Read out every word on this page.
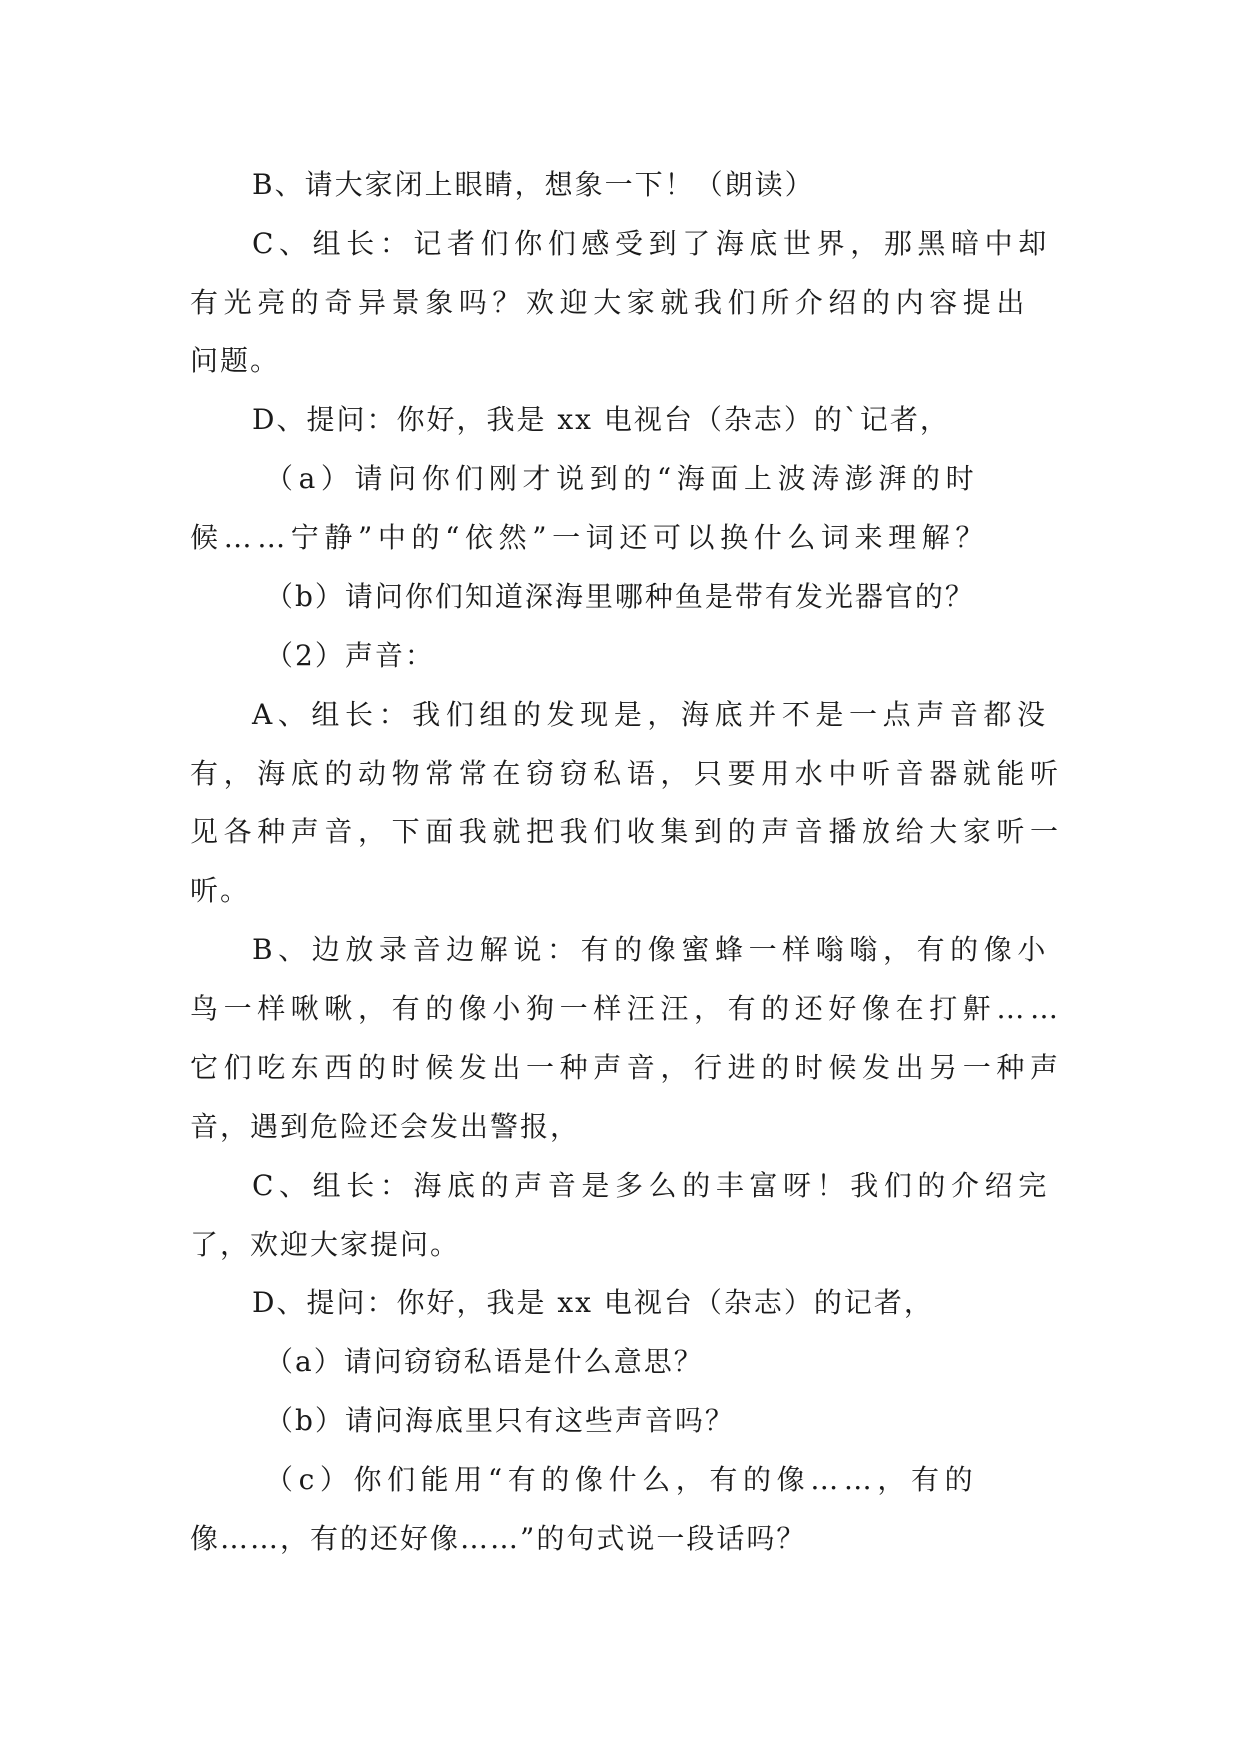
B、请大家闭上眼睛，想象一下！（朗读）
C、组长：记者们你们感受到了海底世界，那黑暗中却
有光亮的奇异景象吗？欢迎大家就我们所介绍的内容提出
问题。
D、提问：你好，我是 xx 电视台（杂志）的`记者，
（a）请问你们刚才说到的“海面上波涛澎湃的时
候……宁静”中的“依然”一词还可以换什么词来理解？
（b）请问你们知道深海里哪种鱼是带有发光器官的？
（2）声音：
A、组长：我们组的发现是，海底并不是一点声音都没
有，海底的动物常常在窃窃私语，只要用水中听音器就能听
见各种声音，下面我就把我们收集到的声音播放给大家听一
听。
B、边放录音边解说：有的像蜜蜂一样嗡嗡，有的像小
鸟一样啾啾，有的像小狗一样汪汪，有的还好像在打鼾……
它们吃东西的时候发出一种声音，行进的时候发出另一种声
音，遇到危险还会发出警报，
C、组长：海底的声音是多么的丰富呀！我们的介绍完
了，欢迎大家提问。
D、提问：你好，我是 xx 电视台（杂志）的记者，
（a）请问窃窃私语是什么意思？
（b）请问海底里只有这些声音吗？
（c）你们能用“有的像什么，有的像……，有的
像……，有的还好像……”的句式说一段话吗？
